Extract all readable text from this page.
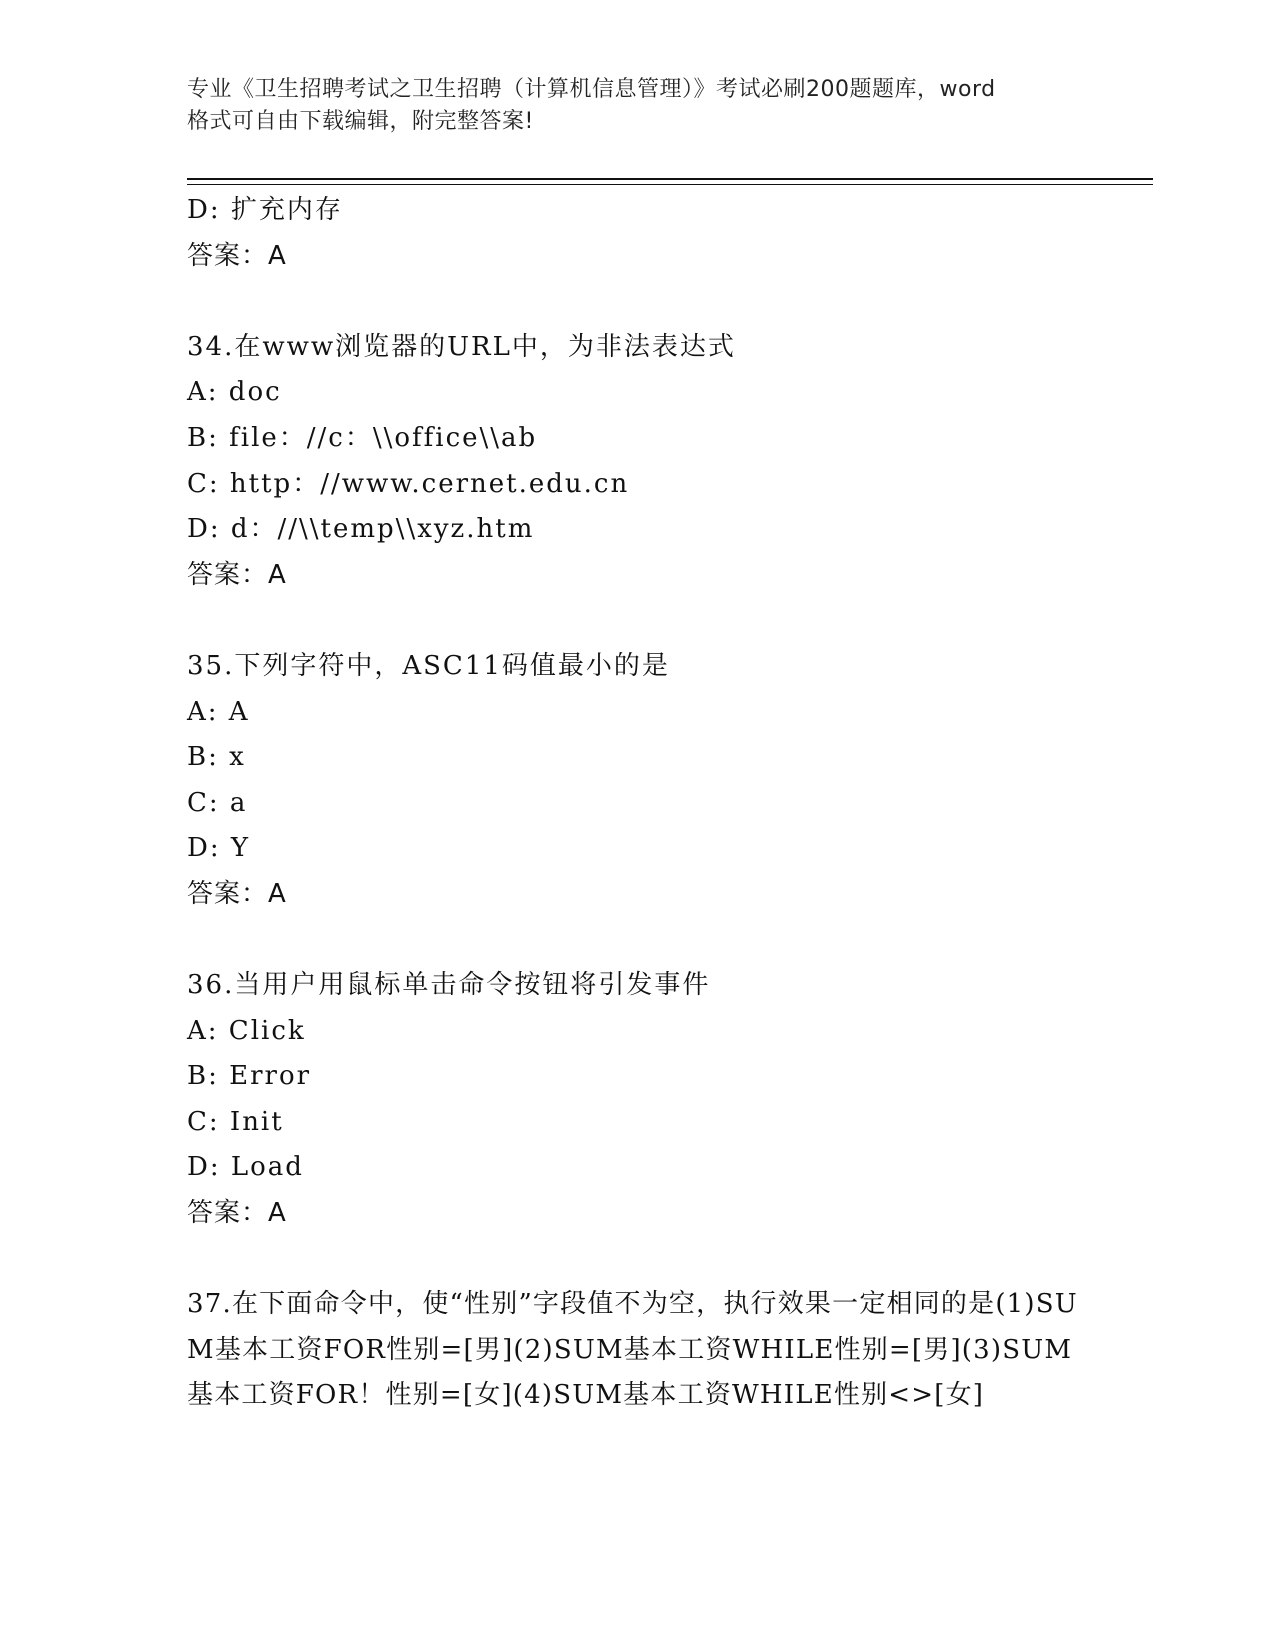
专业《卫生招聘考试之卫生招聘（计算机信息管理）》考试必刷200题题库，word
格式可自由下载编辑，附完整答案!
D: 扩充内存
答案：A
34.在www浏览器的URL中，为非法表达式
A: doc
B: file：//c：\\office\\ab
C: http：//www.cernet.edu.cn
D: d：//\\temp\\xyz.htm
答案：A
35.下列字符中，ASC11码值最小的是
A: A
B: x
C: a
D: Y
答案：A
36.当用户用鼠标单击命令按钮将引发事件
A: Click
B: Error
C: Init
D: Load
答案：A
37.在下面命令中，使“性别”字段值不为空，执行效果一定相同的是(1)SUM基本工资FOR性别=[男](2)SUM基本工资WHILE性别=[男](3)SUM基本工资FOR！性别=[女](4)SUM基本工资WHILE性别<>[女]
